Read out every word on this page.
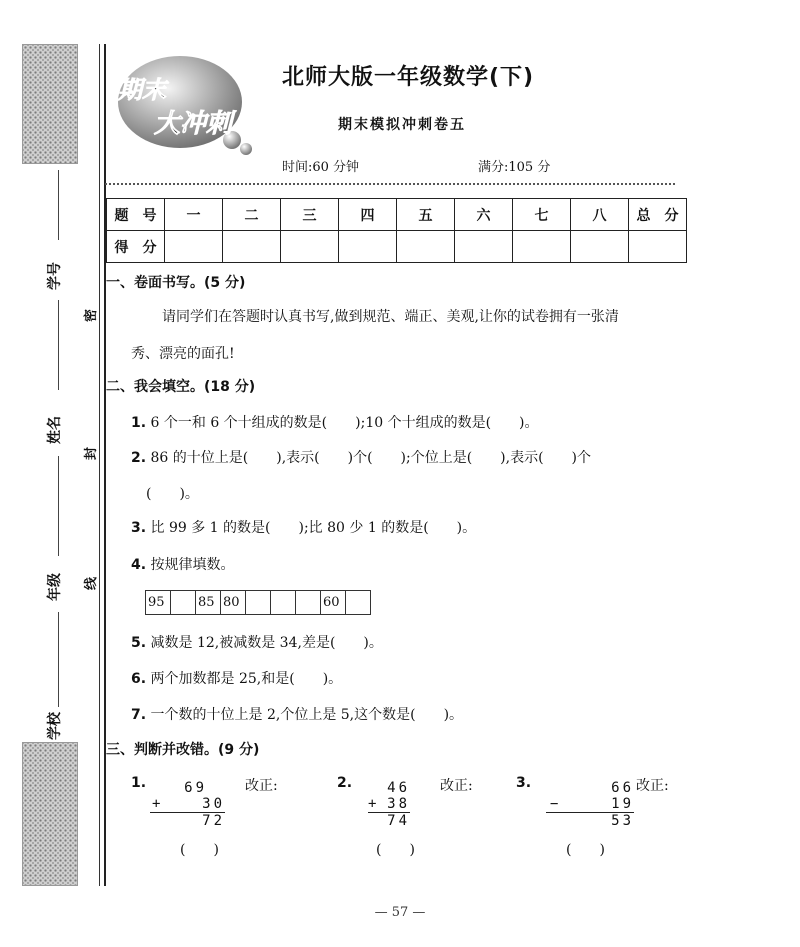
学号
姓名
年级
学校
密
封
线
期末
大冲刺
北师大版一年级数学(下)
期末模拟冲刺卷五
时间:60 分钟	满分:105 分
题　号	一	二	三	四	五	六	七	八	总　分
得　分									
一、卷面书写。(5 分)
请同学们在答题时认真书写,做到规范、端正、美观,让你的试卷拥有一张清
秀、漂亮的面孔!
二、我会填空。(18 分)
1. 6 个一和 6 个十组成的数是(　　);10 个十组成的数是(　　)。
2. 86 的十位上是(　　),表示(　　)个(　　);个位上是(　　),表示(　　)个
(　　)。
3. 比 99 多 1 的数是(　　);比 80 少 1 的数是(　　)。
4. 按规律填数。
95		85	80				60	
5. 减数是 12,被减数是 34,差是(　　)。
6. 两个加数都是 25,和是(　　)。
7. 一个数的十位上是 2,个位上是 5,这个数是(　　)。
三、判断并改错。(9 分)
1.	改正:
69
+	30
72
(　　)
2.	改正:
46
+ 38
74
(　　)
3.	改正:
66
−	19
53
(　　)
— 57 —
